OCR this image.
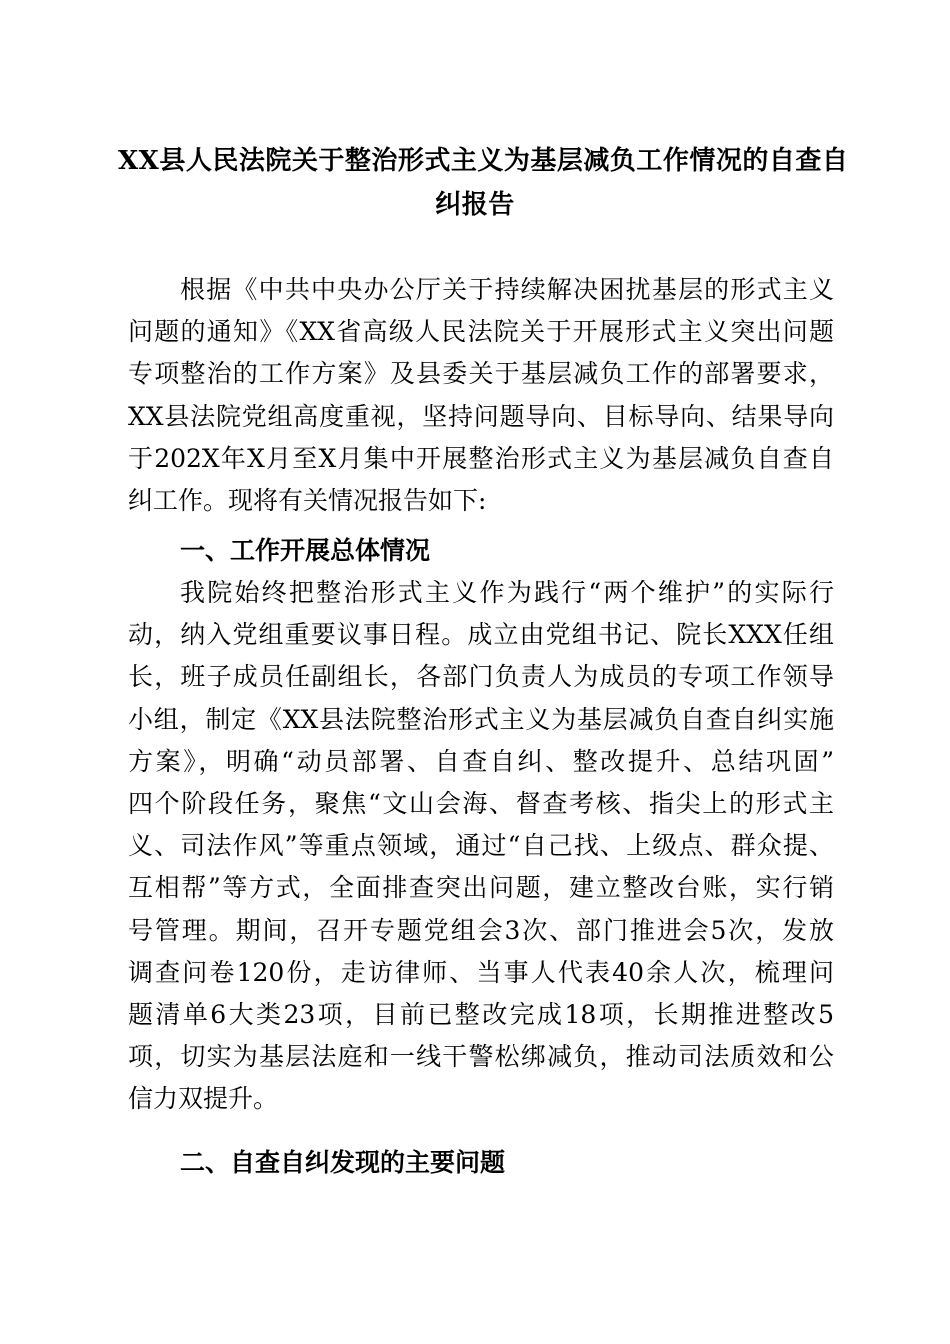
XX县人民法院关于整治形式主义为基层减负工作情况的自查自
纠报告
根据《中共中央办公厅关于持续解决困扰基层的形式主义
问题的通知》《XX省高级人民法院关于开展形式主义突出问题
专项整治的工作方案》及县委关于基层减负工作的部署要求，
XX县法院党组高度重视，坚持问题导向、目标导向、结果导向
于202X年X月至X月集中开展整治形式主义为基层减负自查自
纠工作。现将有关情况报告如下:
一、工作开展总体情况
我院始终把整治形式主义作为践行“两个维护”的实际行
动，纳入党组重要议事日程。成立由党组书记、院长XXX任组
长，班子成员任副组长，各部门负责人为成员的专项工作领导
小组，制定《XX县法院整治形式主义为基层减负自查自纠实施
方案》，明确“动员部署、自查自纠、整改提升、总结巩固”
四个阶段任务，聚焦“文山会海、督查考核、指尖上的形式主
义、司法作风”等重点领域，通过“自己找、上级点、群众提、
互相帮”等方式，全面排查突出问题，建立整改台账，实行销
号管理。期间，召开专题党组会3次、部门推进会5次，发放
调查问卷120份，走访律师、当事人代表40余人次，梳理问
题清单6大类23项，目前已整改完成18项，长期推进整改5
项，切实为基层法庭和一线干警松绑减负，推动司法质效和公
信力双提升。
二、自查自纠发现的主要问题
